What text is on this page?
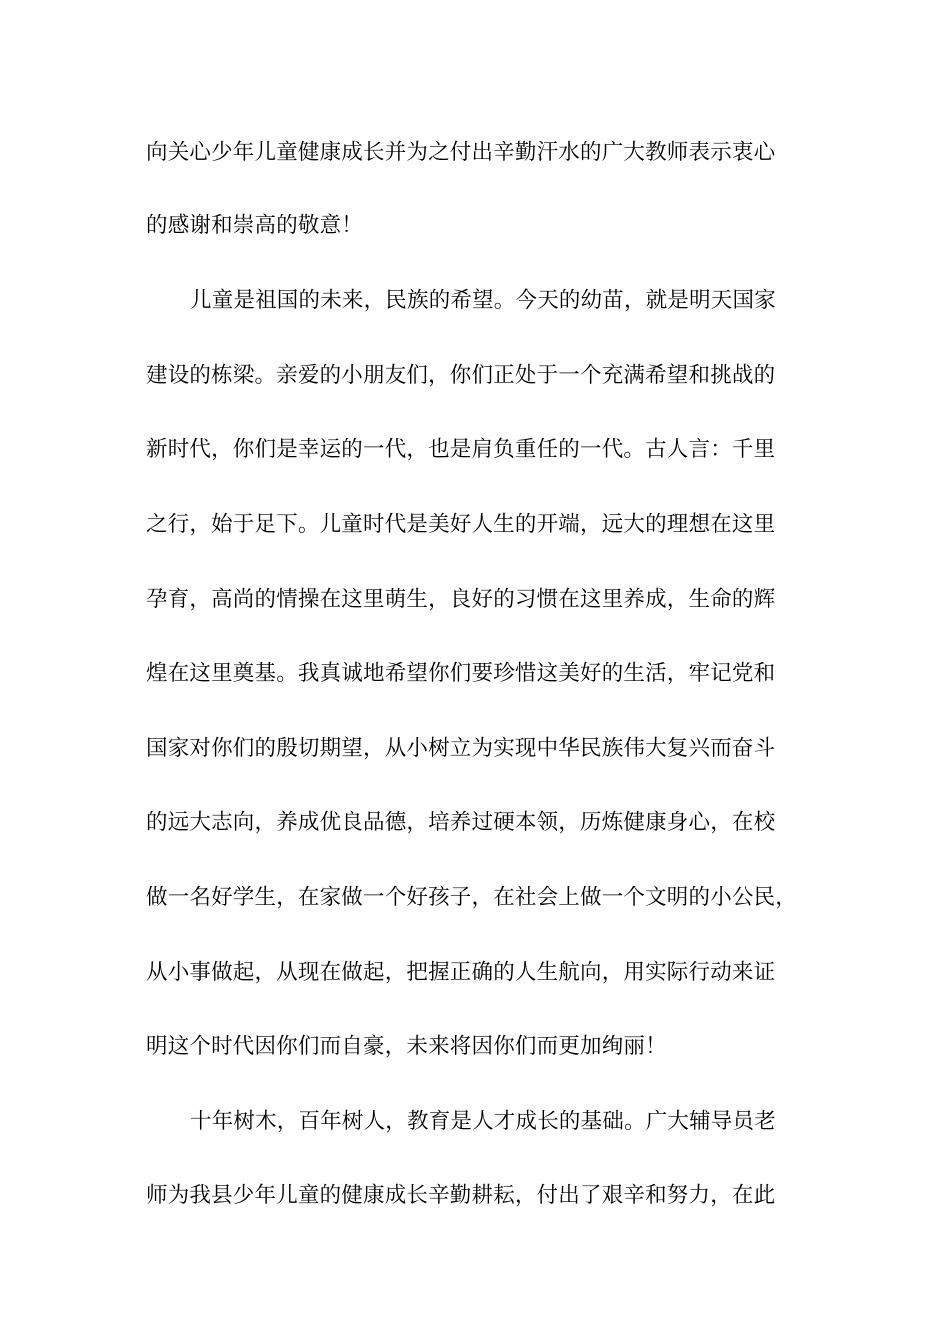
向关心少年儿童健康成长并为之付出辛勤汗水的广大教师表示衷心
的感谢和崇高的敬意！
儿童是祖国的未来，民族的希望。今天的幼苗，就是明天国家
建设的栋梁。亲爱的小朋友们，你们正处于一个充满希望和挑战的
新时代，你们是幸运的一代，也是肩负重任的一代。古人言：千里
之行，始于足下。儿童时代是美好人生的开端，远大的理想在这里
孕育，高尚的情操在这里萌生，良好的习惯在这里养成，生命的辉
煌在这里奠基。我真诚地希望你们要珍惜这美好的生活，牢记党和
国家对你们的殷切期望，从小树立为实现中华民族伟大复兴而奋斗
的远大志向，养成优良品德，培养过硬本领，历炼健康身心，在校
做一名好学生，在家做一个好孩子，在社会上做一个文明的小公民，
从小事做起，从现在做起，把握正确的人生航向，用实际行动来证
明这个时代因你们而自豪，未来将因你们而更加绚丽！
十年树木，百年树人，教育是人才成长的基础。广大辅导员老
师为我县少年儿童的健康成长辛勤耕耘，付出了艰辛和努力，在此
